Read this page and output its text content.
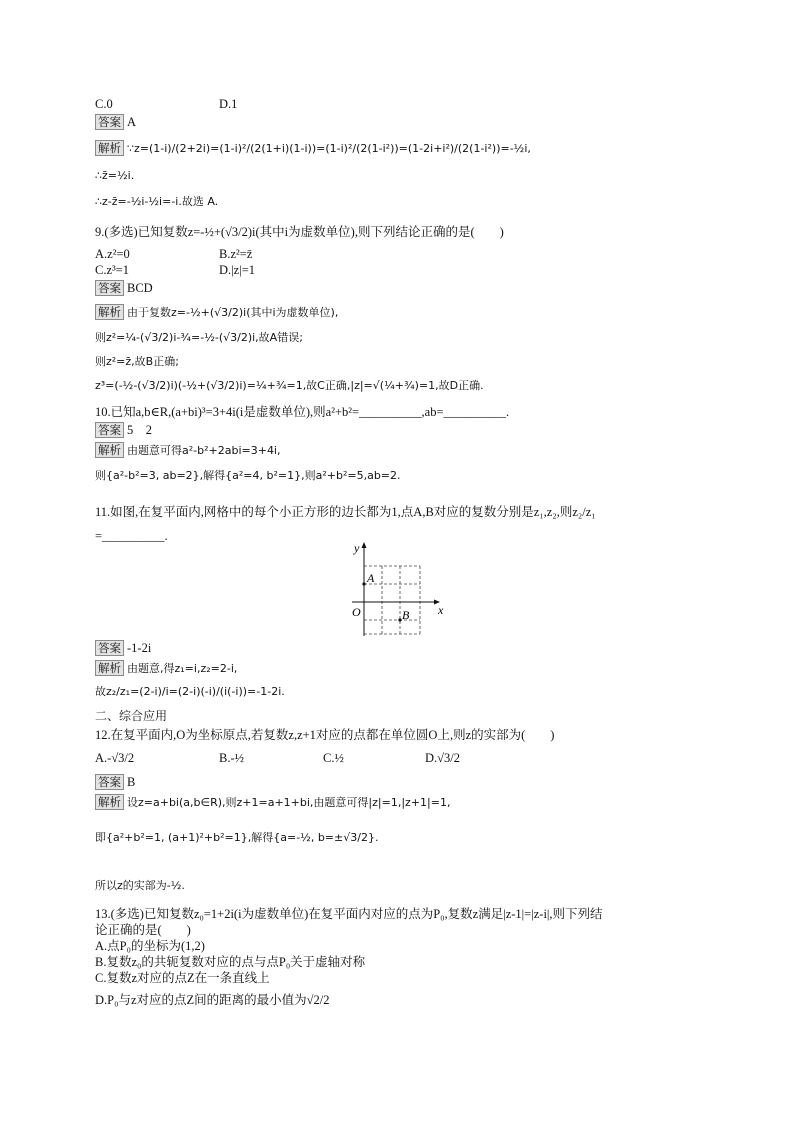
C.0	D.1
答案 A
解析 ∵z=(1-i)/(2+2i)=(1-i)²/(2(1+i)(1-i))=(1-i)²/(2(1-i²))=(1-2i+i²)/(2(1-i²))=-½i,
∴z̄=½i.
∴z-z̄=-½i-½i=-i.故选 A.
9.(多选)已知复数z=-½+(√3/2)i(其中i为虚数单位),则下列结论正确的是(　　)
A.z²=0	B.z²=z̄
C.z³=1	D.|z|=1
答案 BCD
解析 由于复数z=-½+(√3/2)i(其中i为虚数单位),
则z²=¼-(√3/2)i-¾=-½-(√3/2)i,故A错误;
则z²=z̄,故B正确;
z³=(-½-(√3/2)i)(-½+(√3/2)i)=¼+¾=1,故C正确,|z|=√(¼+¾)=1,故D正确.
10.已知a,b∈R,(a+bi)³=3+4i(i是虚数单位),则a²+b²=__________,ab=__________.
答案 5　2
解析 由题意可得a²-b²+2abi=3+4i,
则{a²-b²=3, ab=2},解得{a²=4, b²=1},则a²+b²=5,ab=2.
11.如图,在复平面内,网格中的每个小正方形的边长都为1,点A,B对应的复数分别是z₁,z₂,则z₂/z₁
=__________.
y
x
O
A
B
答案 -1-2i
解析 由题意,得z₁=i,z₂=2-i,
故z₂/z₁=(2-i)/i=(2-i)(-i)/(i(-i))=-1-2i.
二、综合应用
12.在复平面内,O为坐标原点,若复数z,z+1对应的点都在单位圆O上,则z的实部为(　　)
A.-√3/2	B.-½	C.½	D.√3/2
答案 B
解析 设z=a+bi(a,b∈R),则z+1=a+1+bi,由题意可得|z|=1,|z+1|=1,
即{a²+b²=1, (a+1)²+b²=1},解得{a=-½, b=±√3/2}.
所以z的实部为-½.
13.(多选)已知复数z₀=1+2i(i为虚数单位)在复平面内对应的点为P₀,复数z满足|z-1|=|z-i|,则下列结
论正确的是(　　)
A.点P₀的坐标为(1,2)
B.复数z₀的共轭复数对应的点与点P₀关于虚轴对称
C.复数z对应的点Z在一条直线上
D.P₀与z对应的点Z间的距离的最小值为√2/2
